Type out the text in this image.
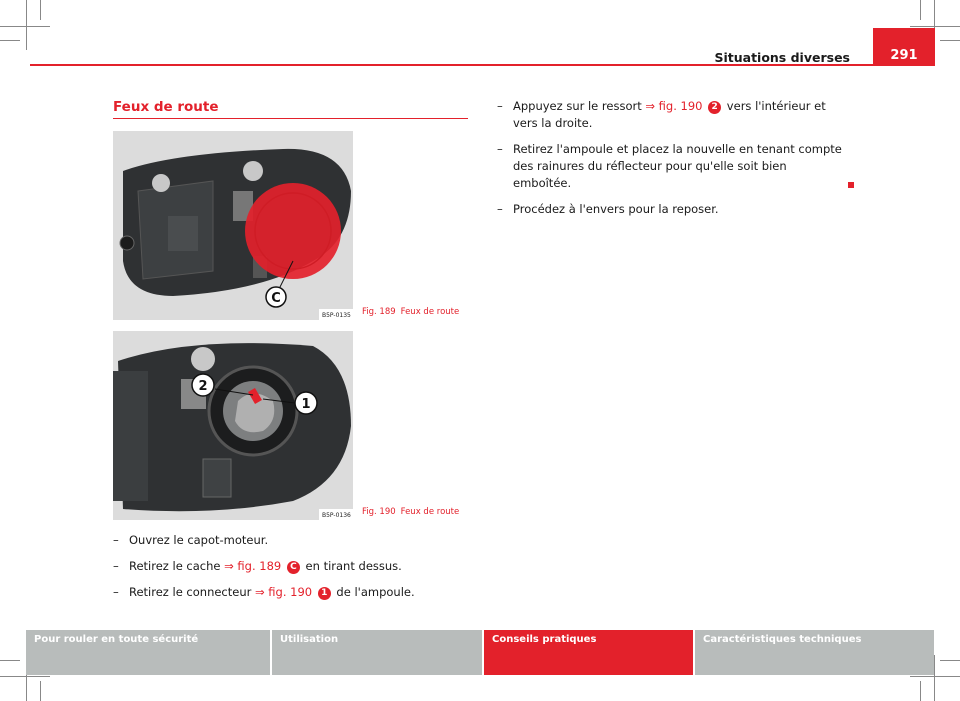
Situations diverses	291
Feux de route
C
B5P-0135 Fig. 189 Feux de route
2
1
B5P-0136 Fig. 190 Feux de route
– Ouvrez le capot-moteur.
– Retirez le cache ⇒ fig. 189 C en tirant dessus.
– Retirez le connecteur ⇒ fig. 190 1 de l'ampoule.
– Appuyez sur le ressort ⇒ fig. 190 2 vers l'intérieur et vers la droite.
– Retirez l'ampoule et placez la nouvelle en tenant compte des rainures du réflecteur pour qu'elle soit bien emboîtée.
– Procédez à l'envers pour la reposer.
Pour rouler en toute sécurité	Utilisation	Conseils pratiques	Caractéristiques techniques
